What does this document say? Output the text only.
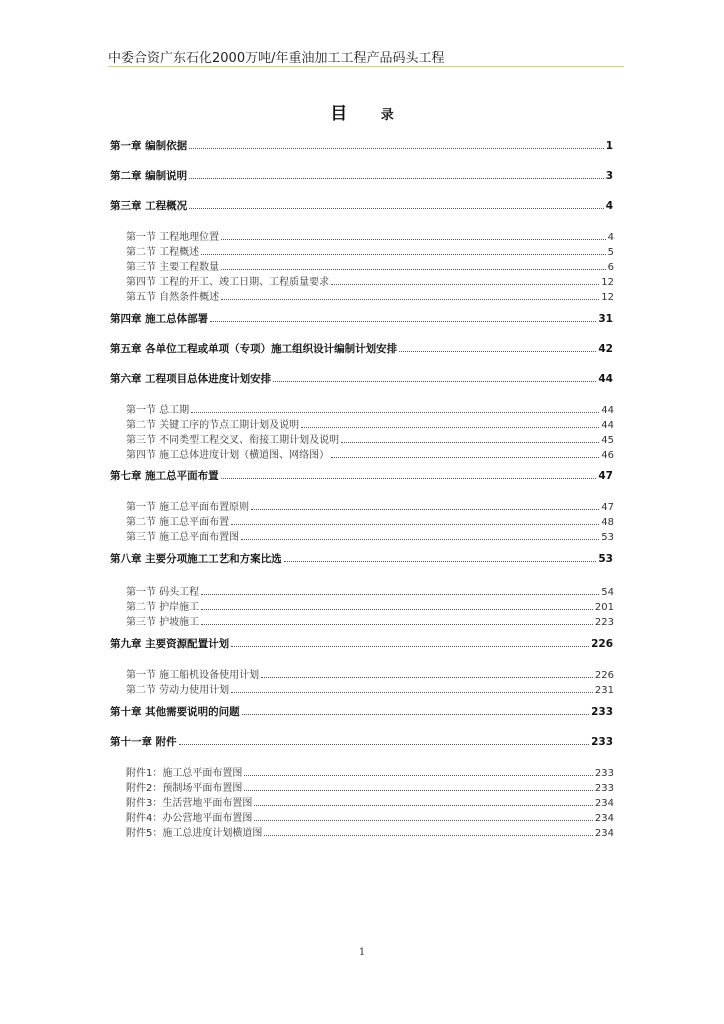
中委合资广东石化2000万吨/年重油加工工程产品码头工程
目	录
第一章 编制依据	1
第二章 编制说明	3
第三章 工程概况	4
第一节 工程地理位置	4
第二节 工程概述	5
第三节 主要工程数量	6
第四节 工程的开工、竣工日期、工程质量要求	12
第五节 自然条件概述	12
第四章 施工总体部署	31
第五章 各单位工程或单项（专项）施工组织设计编制计划安排	42
第六章 工程项目总体进度计划安排	44
第一节 总工期	44
第二节 关键工序的节点工期计划及说明	44
第三节 不同类型工程交叉、衔接工期计划及说明	45
第四节 施工总体进度计划（横道图、网络图）	46
第七章 施工总平面布置	47
第一节 施工总平面布置原则	47
第二节 施工总平面布置	48
第三节 施工总平面布置图	53
第八章 主要分项施工工艺和方案比选	53
第一节 码头工程	54
第二节 护岸施工	201
第三节 护坡施工	223
第九章 主要资源配置计划	226
第一节 施工船机设备使用计划	226
第二节 劳动力使用计划	231
第十章 其他需要说明的问题	233
第十一章 附件	233
附件1：施工总平面布置图	233
附件2：预制场平面布置图	233
附件3：生活营地平面布置图	234
附件4：办公营地平面布置图	234
附件5：施工总进度计划横道图	234
1
